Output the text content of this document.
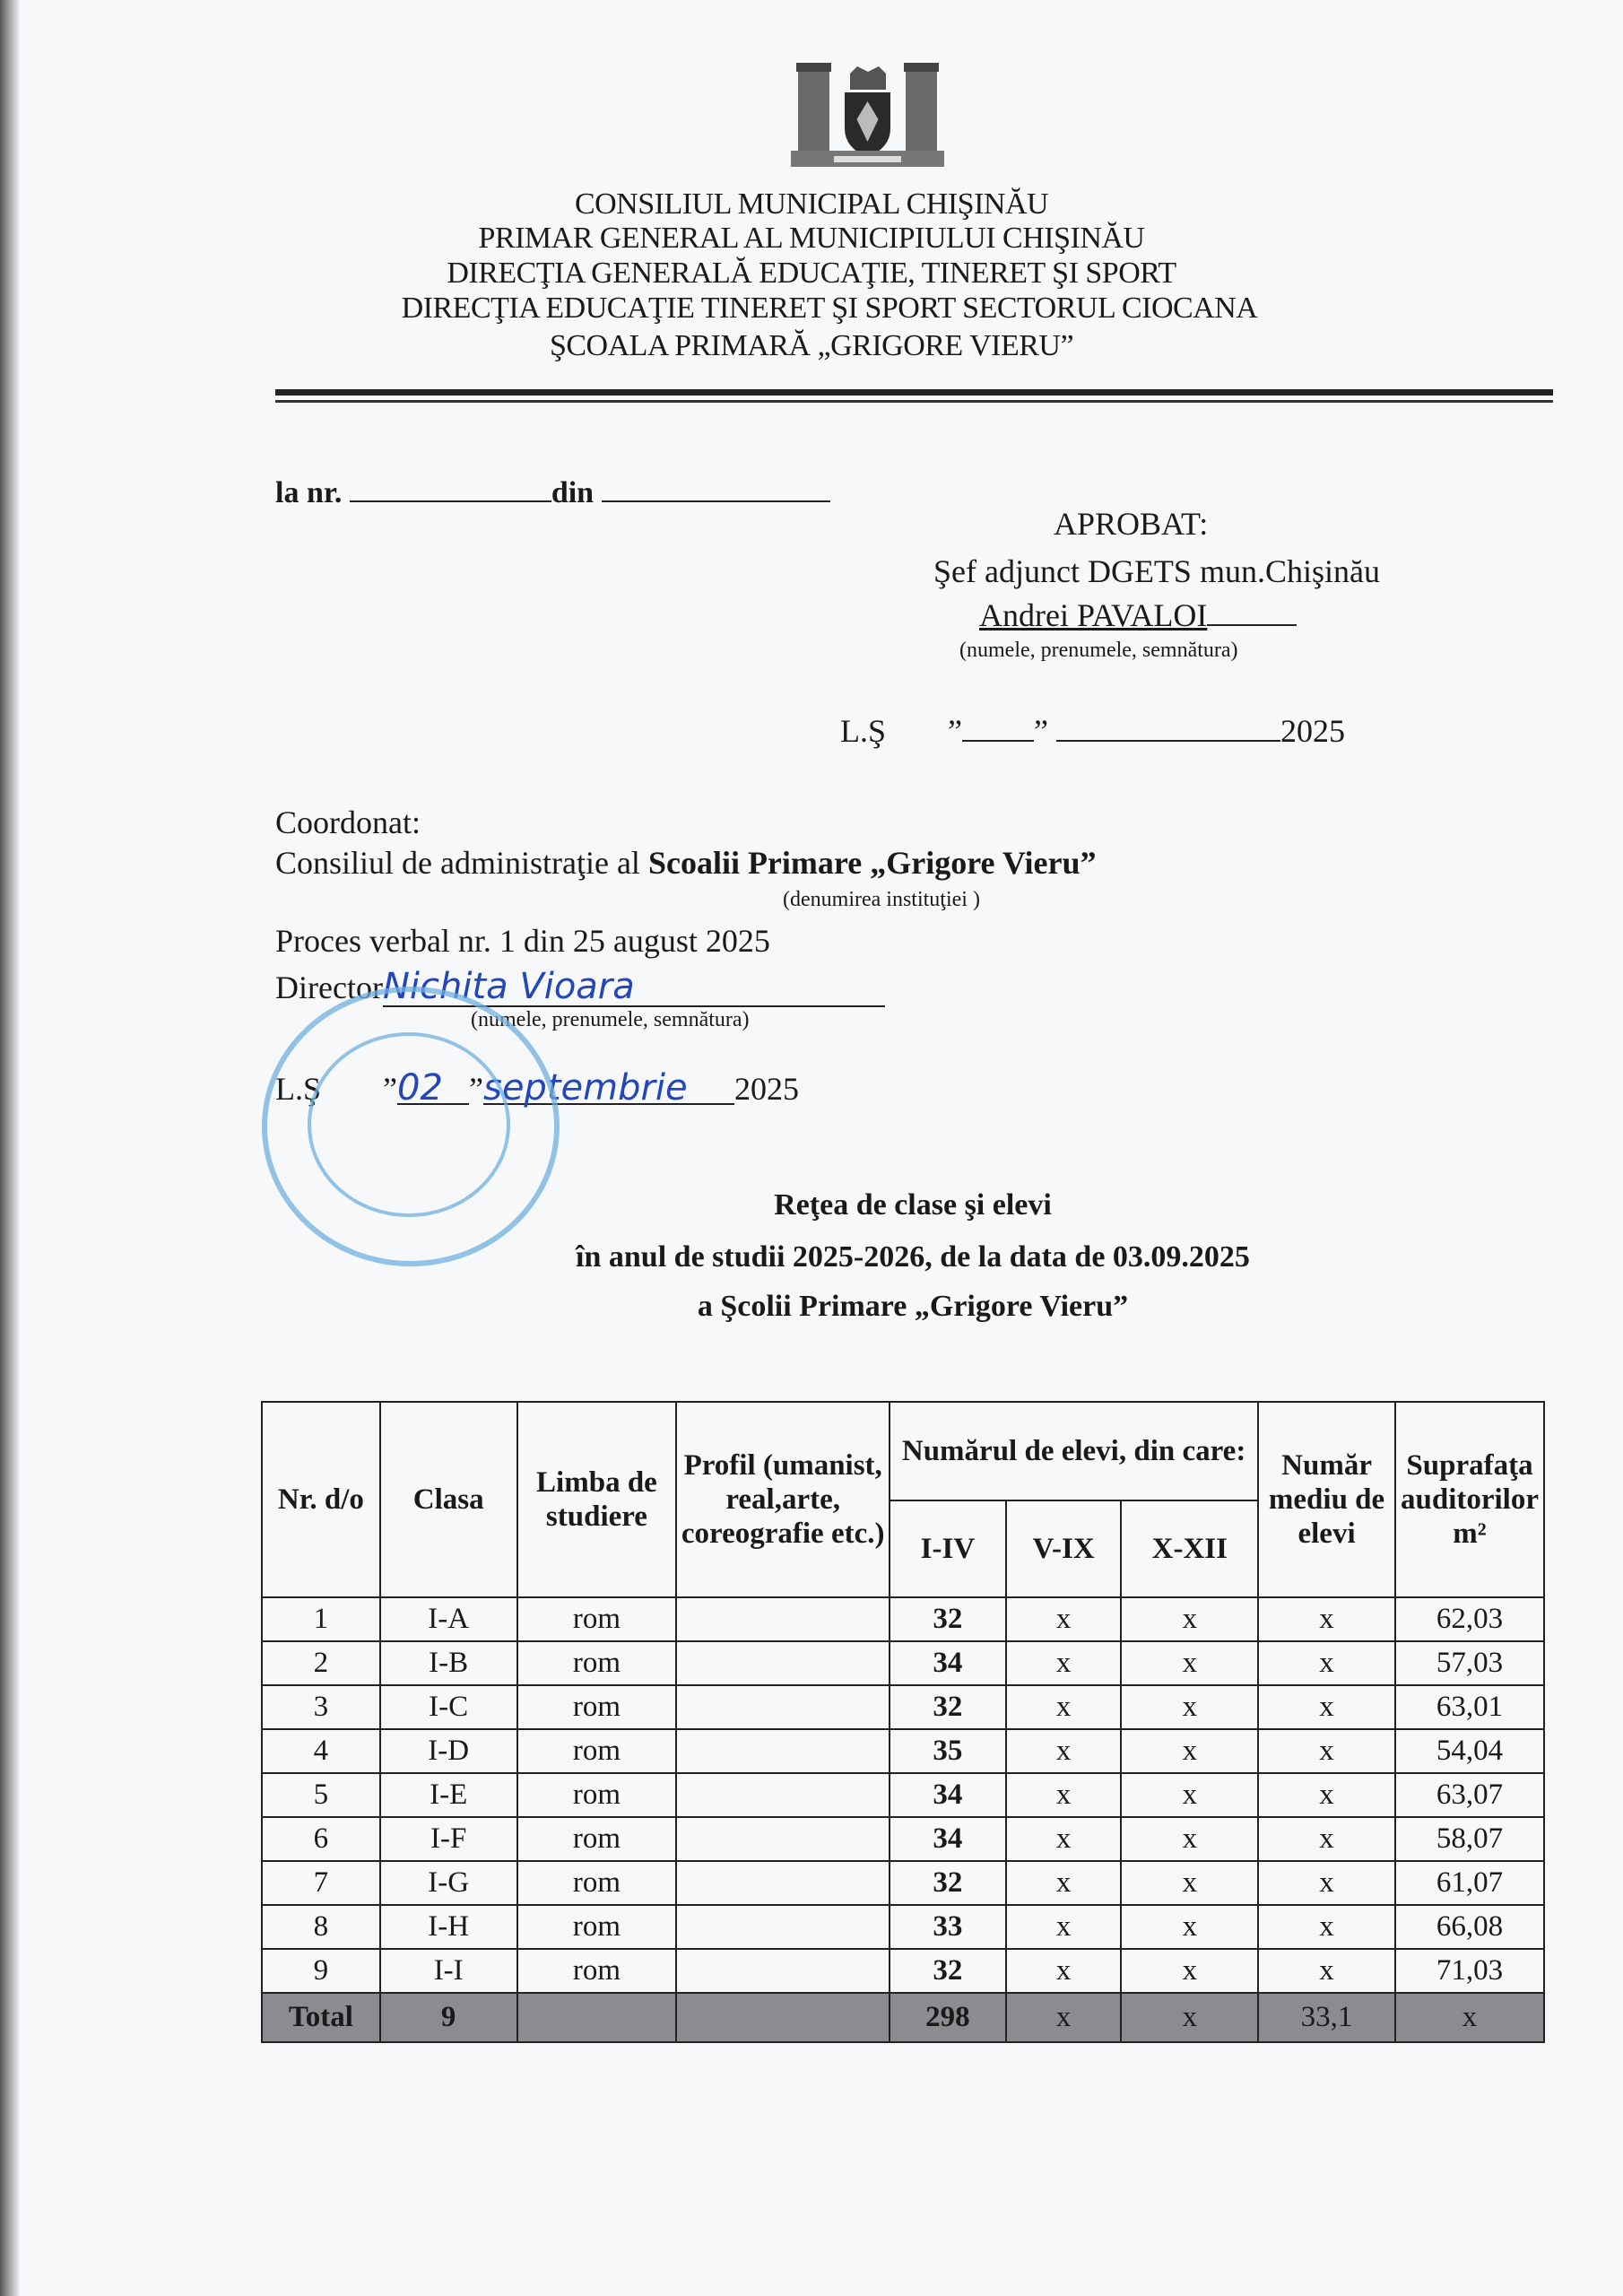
CONSILIUL MUNICIPAL CHIŞINĂU
PRIMAR GENERAL AL MUNICIPIULUI CHIŞINĂU
DIRECŢIA GENERALĂ EDUCAŢIE, TINERET ŞI SPORT
DIRECŢIA EDUCAŢIE TINERET ŞI SPORT SECTORUL CIOCANA
ŞCOALA PRIMARĂ „GRIGORE VIERU”
la nr.	din
APROBAT:
Şef adjunct DGETS mun.Chişinău
Andrei PAVALOI
(numele, prenumele, semnătura)
L.Ş ” ”	2025
Coordonat:
Consiliul de administraţie al Scoalii Primare „Grigore Vieru”
(denumirea instituţiei )
Proces verbal nr. 1 din 25 august 2025
DirectorNichita Vioara
(numele, prenumele, semnătura)
L.Ş ”02 ”septembrie 2025
Reţea de clase şi elevi
în anul de studii 2025-2026, de la data de 03.09.2025
a Şcolii Primare „Grigore Vieru”
Nr. d/o	Clasa	Limba de studiere	Profil (umanist, real,arte, coreografie etc.)	Numărul de elevi, din care:			Număr mediu de elevi	Suprafaţa auditorilor m²
				I-IV	V-IX	X-XII		
1	I-A	rom		32	x	x	x	62,03
2	I-B	rom		34	x	x	x	57,03
3	I-C	rom		32	x	x	x	63,01
4	I-D	rom		35	x	x	x	54,04
5	I-E	rom		34	x	x	x	63,07
6	I-F	rom		34	x	x	x	58,07
7	I-G	rom		32	x	x	x	61,07
8	I-H	rom		33	x	x	x	66,08
9	I-I	rom		32	x	x	x	71,03
Total	9			298	x	x	33,1	x
